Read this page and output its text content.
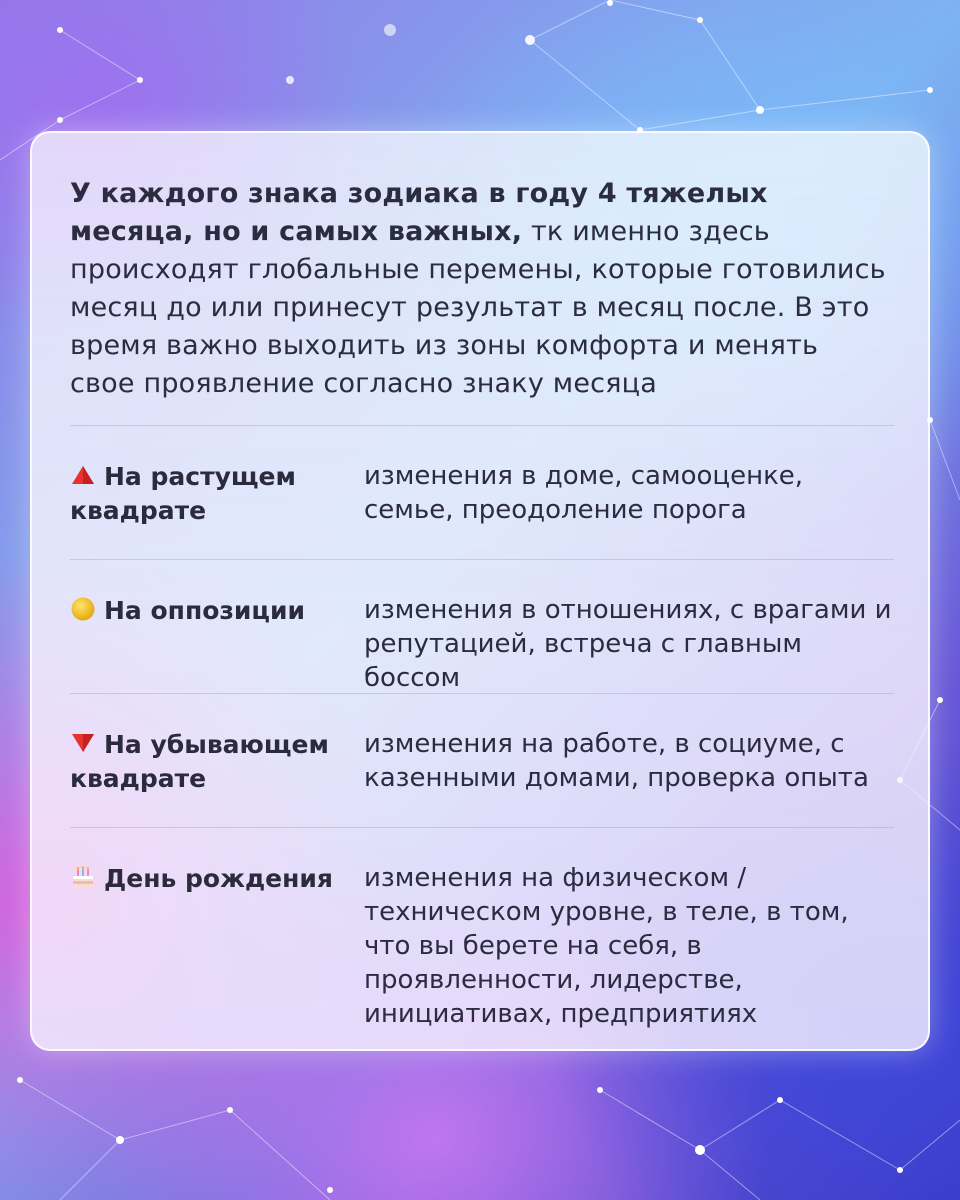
У каждого знака зодиака в году 4 тяжелых месяца, но и самых важных, тк именно здесь происходят глобальные перемены, которые готовились месяц до или принесут результат в месяц после. В это время важно выходить из зоны комфорта и менять свое проявление согласно знаку месяца

На растущем квадрате
изменения в доме, самооценке, семье, преодоление порога
На оппозиции	изменения в отношениях, с врагами и репутацией, встреча с главным боссом
На убывающем квадрате
изменения на работе, в социуме, с казенными домами, проверка опыта
День рождения	изменения на физическом / техническом уровне, в теле, в том, что вы берете на себя, в проявленности, лидерстве, инициативах, предприятиях
